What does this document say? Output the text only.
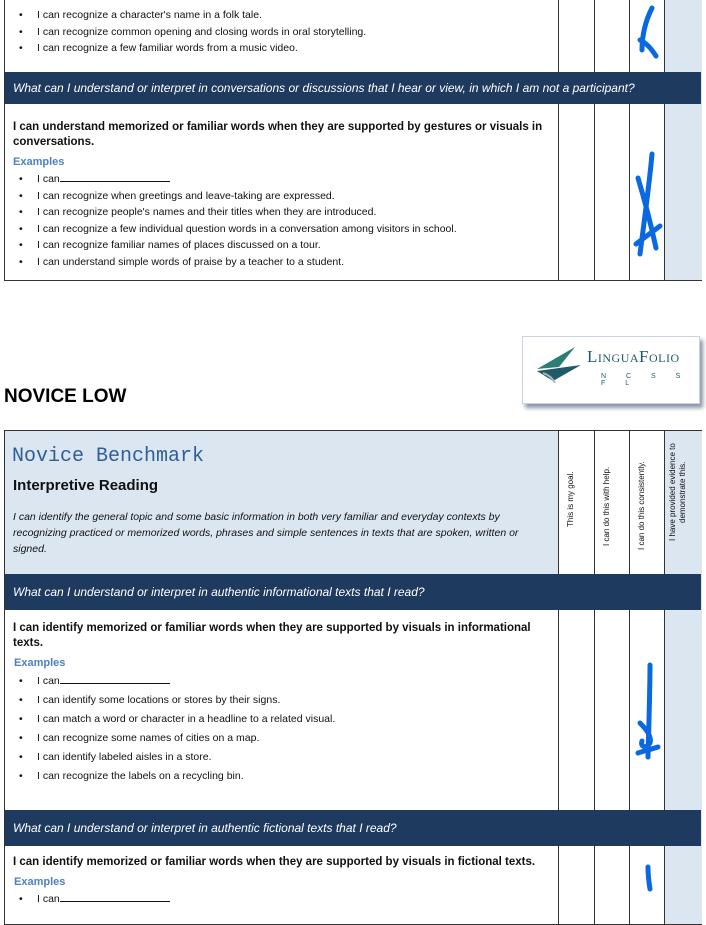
• I can recognize a character's name in a folk tale.
• I can recognize common opening and closing words in oral storytelling.
• I can recognize a few familiar words from a music video.
What can I understand or interpret in conversations or discussions that I hear or view, in which I am not a participant?
I can understand memorized or familiar words when they are supported by gestures or visuals in conversations.
Examples
• I can
• I can recognize when greetings and leave-taking are expressed.
• I can recognize people's names and their titles when they are introduced.
• I can recognize a few individual question words in a conversation among visitors in school.
• I can recognize familiar names of places discussed on a tour.
• I can understand simple words of praise by a teacher to a student.
LinguaFolio
N C S S F L
NOVICE LOW
Novice Benchmark
Interpretive Reading
I can identify the general topic and some basic information in both very familiar and everyday contexts by recognizing practiced or memorized words, phrases and simple sentences in texts that are spoken, written or signed.
This is my goal.	I can do this with help.	I can do this consistently.	I have provided evidence to demonstrate this.
What can I understand or interpret in authentic informational texts that I read?
I can identify memorized or familiar words when they are supported by visuals in informational texts.
Examples
• I can
• I can identify some locations or stores by their signs.
• I can match a word or character in a headline to a related visual.
• I can recognize some names of cities on a map.
• I can identify labeled aisles in a store.
• I can recognize the labels on a recycling bin.
What can I understand or interpret in authentic fictional texts that I read?
I can identify memorized or familiar words when they are supported by visuals in fictional texts.
Examples
• I can
